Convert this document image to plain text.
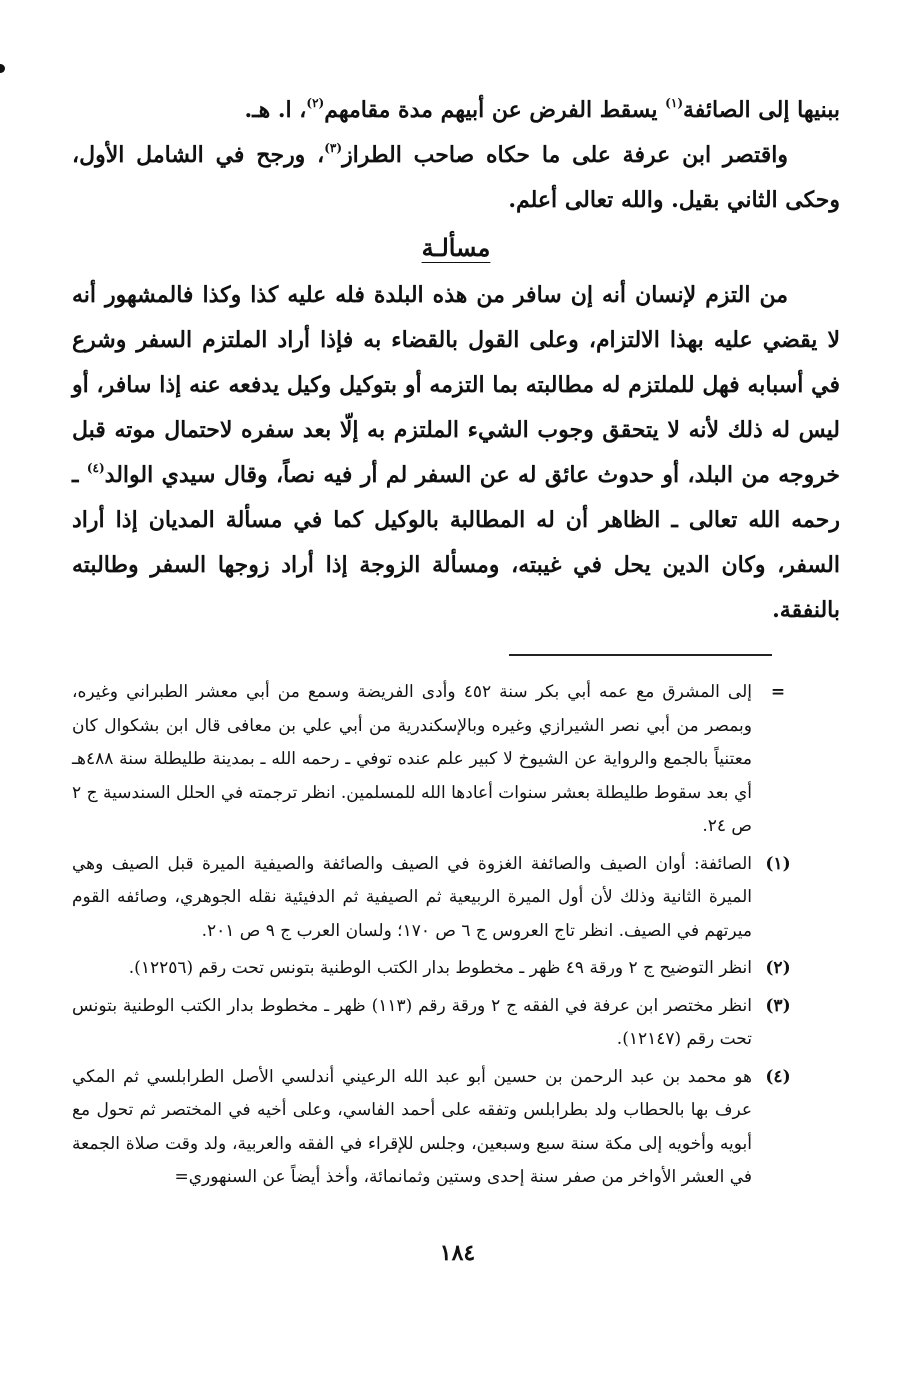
ببنيها إلى الصائفة$^{(١)}$ يسقط الفرض عن أبيهم مدة مقامهم$^{(٢)}$، ا. هـ.

واقتصر ابن عرفة على ما حكاه صاحب الطراز$^{(٣)}$، ورجح في الشامل الأول، وحكى الثاني بقيل. والله تعالى أعلم.

مسألـة

من التزم لإنسان أنه إن سافر من هذه البلدة فله عليه كذا وكذا فالمشهور أنه لا يقضي عليه بهذا الالتزام، وعلى القول بالقضاء به فإذا أراد الملتزم السفر وشرع في أسبابه فهل للملتزم له مطالبته بما التزمه أو بتوكيل وكيل يدفعه عنه إذا سافر، أو ليس له ذلك لأنه لا يتحقق وجوب الشيء الملتزم به إلّا بعد سفره لاحتمال موته قبل خروجه من البلد، أو حدوث عائق له عن السفر لم أر فيه نصاً، وقال سيدي الوالد$^{(٤)}$ ـ رحمه الله تعالى ـ الظاهر أن له المطالبة بالوكيل كما في مسألة المديان إذا أراد السفر، وكان الدين يحل في غيبته، ومسألة الزوجة إذا أراد زوجها السفر وطالبته بالنفقة.

=
إلى المشرق مع عمه أبي بكر سنة ٤٥٢ وأدى الفريضة وسمع من أبي معشر الطبراني وغيره، وبمصر من أبي نصر الشيرازي وغيره وبالإسكندرية من أبي علي بن معافى قال ابن بشكوال كان معتنياً بالجمع والرواية عن الشيوخ لا كبير علم عنده توفي ـ رحمه الله ـ بمدينة طليطلة سنة ٤٨٨هـ أي بعد سقوط طليطلة بعشر سنوات أعادها الله للمسلمين. انظر ترجمته في الحلل السندسية ج ٢ ص ٢٤.
(١)
الصائفة: أوان الصيف والصائفة الغزوة في الصيف والصائفة والصيفية الميرة قبل الصيف وهي الميرة الثانية وذلك لأن أول الميرة الربيعية ثم الصيفية ثم الدفيئية نقله الجوهري، وصائفه القوم ميرتهم في الصيف. انظر تاج العروس ج ٦ ص ١٧٠؛ ولسان العرب ج ٩ ص ٢٠١.
(٢)
انظر التوضيح ج ٢ ورقة ٤٩ ظهر ـ مخطوط بدار الكتب الوطنية بتونس تحت رقم (١٢٢٥٦).
(٣)
انظر مختصر ابن عرفة في الفقه ج ٢ ورقة رقم (١١٣) ظهر ـ مخطوط بدار الكتب الوطنية بتونس تحت رقم (١٢١٤٧).
(٤)
هو محمد بن عبد الرحمن بن حسين أبو عبد الله الرعيني أندلسي الأصل الطرابلسي ثم المكي عرف بها بالحطاب ولد بطرابلس وتفقه على أحمد الفاسي، وعلى أخيه في المختصر ثم تحول مع أبويه وأخويه إلى مكة سنة سبع وسبعين، وجلس للإقراء في الفقه والعربية، ولد وقت صلاة الجمعة في العشر الأواخر من صفر سنة إحدى وستين وثمانمائة، وأخذ أيضاً عن السنهوري=
١٨٤
